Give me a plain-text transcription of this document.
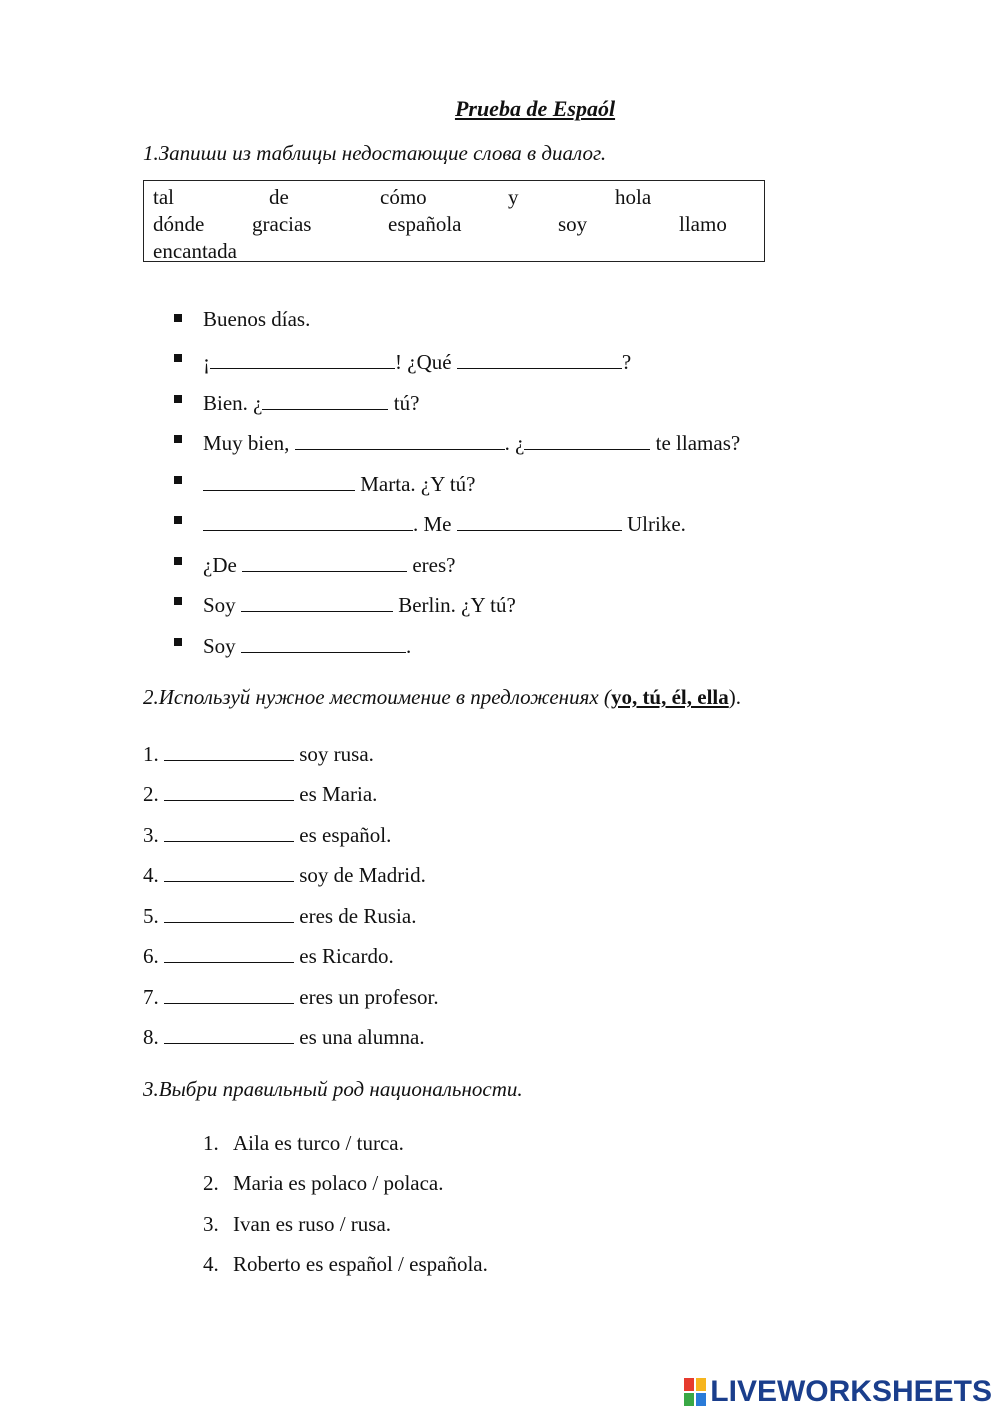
Prueba de Espaól
1.Запиши из таблицы недостающие слова в диалог.
tal	de	cómo	y	hola
dónde gracias	española	soy	llamo
encantada
Buenos días.
¡	! ¿Qué	?
Bien. ¿	tú?
Muy bien,	. ¿	te llamas?
Marta. ¿Y tú?
. Me	Ulrike.
¿De	eres?
Soy	Berlin. ¿Y tú?
Soy	.
2.Используй нужное местоимение в предложениях (yo, tú, él, ella).
1.	soy rusa.
2.	es Maria.
3.	es español.
4.	soy de Madrid.
5.	eres de Rusia.
6.	es Ricardo.
7.	eres un profesor.
8.	es una alumna.
3.Выбри правильный род национальности.
1. Aila es turco / turca.
2. Maria es polaco / polaca.
3. Ivan es ruso / rusa.
4. Roberto es español / española.
LIVEWORKSHEETS
